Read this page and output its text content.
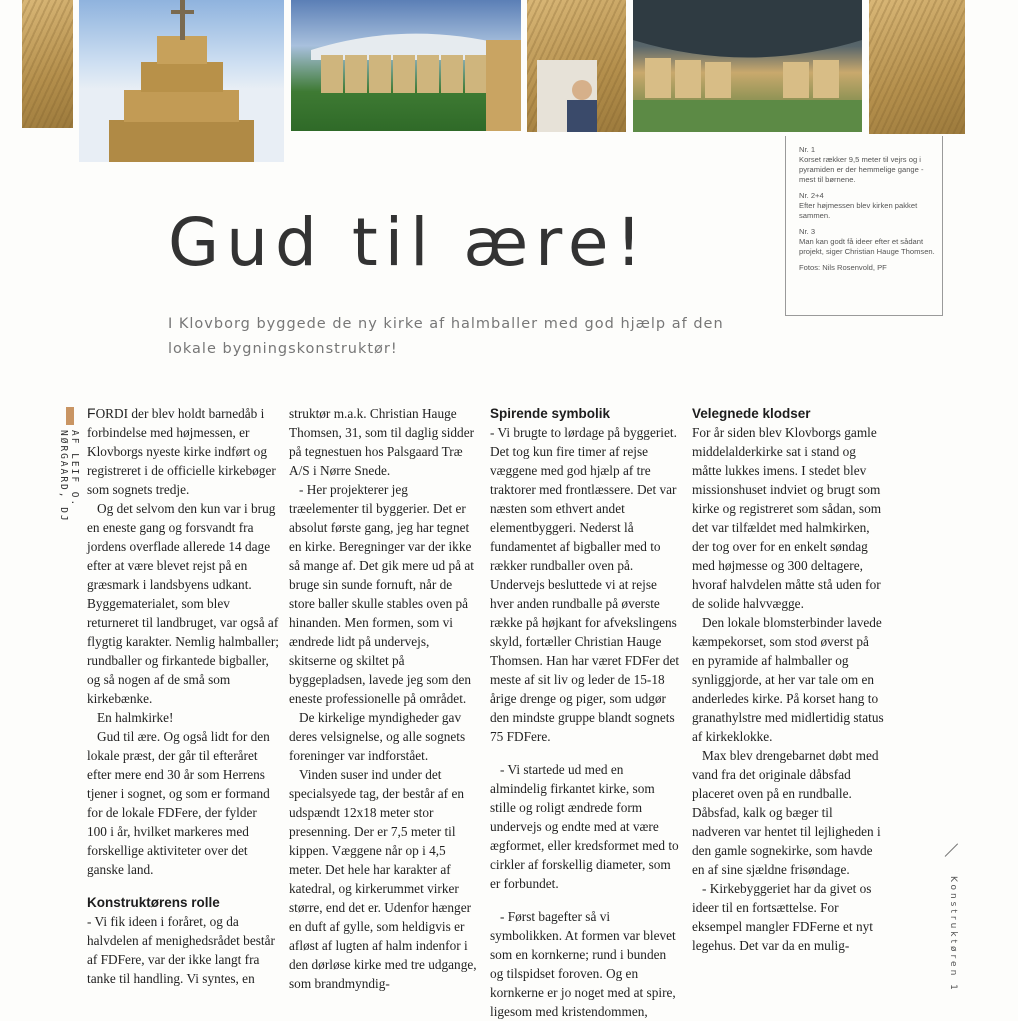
Nr. 1
Korset rækker 9,5 meter til vejrs og i pyramiden er der hemmelige gange - mest til børnene.

Nr. 2+4
Efter højmessen blev kirken pakket sammen.

Nr. 3
Man kan godt få ideer efter et sådant projekt, siger Christian Hauge Thomsen.

Fotos: Nils Rosenvold, PF

Gud til ære!

I Klovborg byggede de ny kirke af halmballer med god hjælp af den lokale bygningskonstruktør!

AF LEIF O. NØRGAARD, DJ

FORDI der blev holdt barnedåb i forbindelse med højmessen, er Klovborgs nyeste kirke indført og registreret i de officielle kirkebøger som sognets tredje.

Og det selvom den kun var i brug en eneste gang og forsvandt fra jordens overflade allerede 14 dage efter at være blevet rejst på en græsmark i landsbyens udkant. Byggematerialet, som blev returneret til landbruget, var også af flygtig karakter. Nemlig halmballer; rundballer og firkantede bigballer, og så nogen af de små som kirkebænke.

En halmkirke!

Gud til ære. Og også lidt for den lokale præst, der går til efteråret efter mere end 30 år som Herrens tjener i sognet, og som er formand for de lokale FDFere, der fylder 100 i år, hvilket markeres med forskellige aktiviteter over det ganske land.

Konstruktørens rolle

- Vi fik ideen i foråret, og da halvdelen af menighedsrådet består af FDFere, var der ikke langt fra tanke til handling. Vi syntes, en

struktør m.a.k. Christian Hauge Thomsen, 31, som til daglig sidder på tegnestuen hos Palsgaard Træ A/S i Nørre Snede.

- Her projekterer jeg træelementer til byggerier. Det er absolut første gang, jeg har tegnet en kirke. Beregninger var der ikke så mange af. Det gik mere ud på at bruge sin sunde fornuft, når de store baller skulle stables oven på hinanden. Men formen, som vi ændrede lidt på undervejs, skitserne og skiltet på byggepladsen, lavede jeg som den eneste professionelle på området.

De kirkelige myndigheder gav deres velsignelse, og alle sognets foreninger var indforstået.

Vinden suser ind under det specialsyede tag, der består af en udspændt 12x18 meter stor presenning. Der er 7,5 meter til kippen. Væggene når op i 4,5 meter. Det hele har karakter af katedral, og kirkerummet virker større, end det er. Udenfor hænger en duft af gylle, som heldigvis er afløst af lugten af halm indenfor i den dørløse kirke med tre udgange, som brandmyndig-

Spirende symbolik

- Vi brugte to lørdage på byggeriet. Det tog kun fire timer af rejse væggene med god hjælp af tre traktorer med frontlæssere. Det var næsten som ethvert andet elementbyggeri. Nederst lå fundamentet af bigballer med to rækker rundballer oven på. Undervejs besluttede vi at rejse hver anden rundballe på øverste række på højkant for afvekslingens skyld, fortæller Christian Hauge Thomsen. Han har været FDFer det meste af sit liv og leder de 15-18 årige drenge og piger, som udgør den mindste gruppe blandt sognets 75 FDFere.

- Vi startede ud med en almindelig firkantet kirke, som stille og roligt ændrede form undervejs og endte med at være ægformet, eller kredsformet med to cirkler af forskellig diameter, som er forbundet.

- Først bagefter så vi symbolikken. At formen var blevet som en kornkerne; rund i bunden og tilspidset foroven. Og en kornkerne er jo noget med at spire, ligesom med kristendommen,

Velegnede klodser

For år siden blev Klovborgs gamle middelalderkirke sat i stand og måtte lukkes imens. I stedet blev missionshuset indviet og brugt som kirke og registreret som sådan, som det var tilfældet med halmkirken, der tog over for en enkelt søndag med højmesse og 300 deltagere, hvoraf halvdelen måtte stå uden for de solide halvvægge.

Den lokale blomsterbinder lavede kæmpekorset, som stod øverst på en pyramide af halmballer og synliggjorde, at her var tale om en anderledes kirke. På korset hang to granathylstre med midlertidig status af kirkeklokke.

Max blev drengebarnet døbt med vand fra det originale dåbsfad placeret oven på en rundballe. Dåbsfad, kalk og bæger til nadveren var hentet til lejligheden i den gamle sognekirke, som havde en af sine sjældne frisøndage.

- Kirkebyggeriet har da givet os ideer til en fortsættelse. For eksempel mangler FDFerne et nyt legehus. Det var da en mulig-	Konstruktøren 1
